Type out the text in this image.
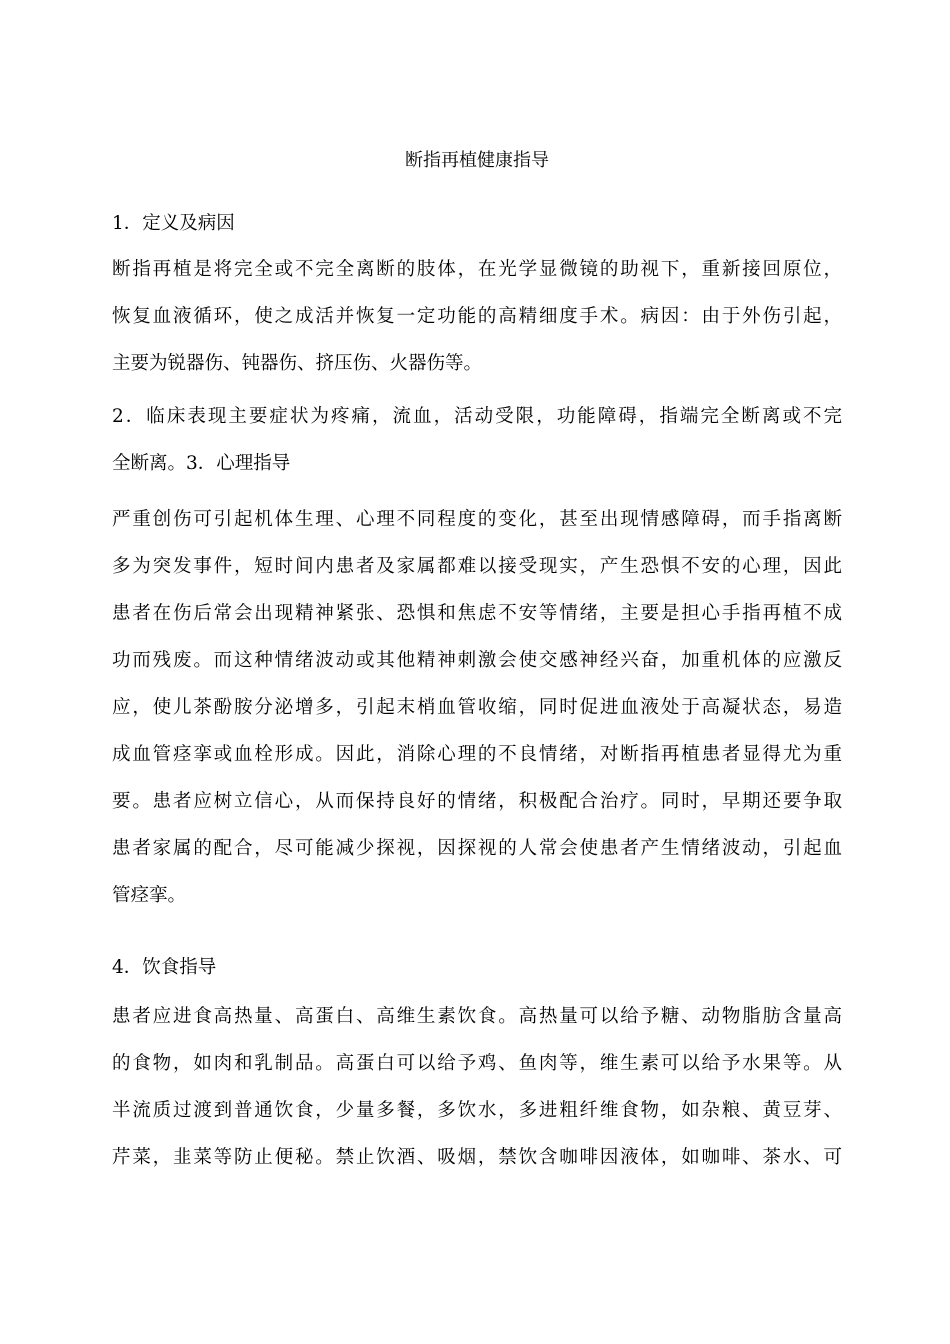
断指再植健康指导

1．定义及病因

断指再植是将完全或不完全离断的肢体，在光学显微镜的助视下，重新接回原位，
恢复血液循环，使之成活并恢复一定功能的高精细度手术。病因：由于外伤引起，
主要为锐器伤、钝器伤、挤压伤、火器伤等。
2．临床表现主要症状为疼痛，流血，活动受限，功能障碍，指端完全断离或不完
全断离。3．心理指导
严重创伤可引起机体生理、心理不同程度的变化，甚至出现情感障碍，而手指离断
多为突发事件，短时间内患者及家属都难以接受现实，产生恐惧不安的心理，因此
患者在伤后常会出现精神紧张、恐惧和焦虑不安等情绪，主要是担心手指再植不成
功而残废。而这种情绪波动或其他精神刺激会使交感神经兴奋，加重机体的应激反
应，使儿茶酚胺分泌增多，引起末梢血管收缩，同时促进血液处于高凝状态，易造
成血管痉挛或血栓形成。因此，消除心理的不良情绪，对断指再植患者显得尤为重
要。患者应树立信心，从而保持良好的情绪，积极配合治疗。同时，早期还要争取
患者家属的配合，尽可能减少探视，因探视的人常会使患者产生情绪波动，引起血
管痉挛。

4．饮食指导

患者应进食高热量、高蛋白、高维生素饮食。高热量可以给予糖、动物脂肪含量高
的食物，如肉和乳制品。高蛋白可以给予鸡、鱼肉等，维生素可以给予水果等。从
半流质过渡到普通饮食，少量多餐，多饮水，多进粗纤维食物，如杂粮、黄豆芽、
芹菜，韭菜等防止便秘。禁止饮酒、吸烟，禁饮含咖啡因液体，如咖啡、茶水、可
